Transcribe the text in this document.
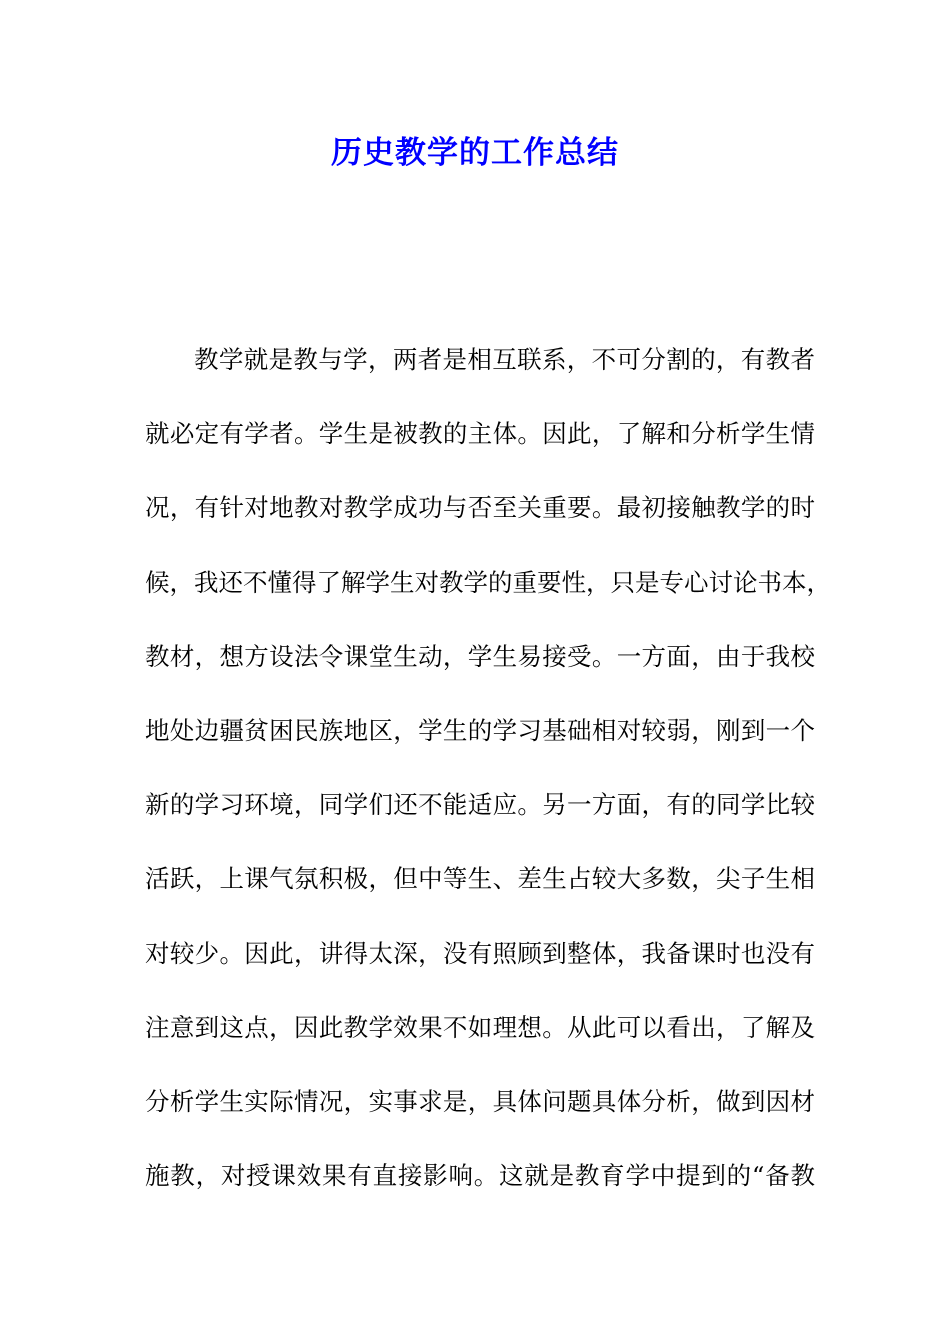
历史教学的工作总结
教学就是教与学，两者是相互联系，不可分割的，有教者
就必定有学者。学生是被教的主体。因此，了解和分析学生情
况，有针对地教对教学成功与否至关重要。最初接触教学的时
候，我还不懂得了解学生对教学的重要性，只是专心讨论书本，
教材，想方设法令课堂生动，学生易接受。一方面，由于我校
地处边疆贫困民族地区，学生的学习基础相对较弱，刚到一个
新的学习环境，同学们还不能适应。另一方面，有的同学比较
活跃，上课气氛积极，但中等生、差生占较大多数，尖子生相
对较少。因此，讲得太深，没有照顾到整体，我备课时也没有
注意到这点，因此教学效果不如理想。从此可以看出，了解及
分析学生实际情况，实事求是，具体问题具体分析，做到因材
施教，对授课效果有直接影响。这就是教育学中提到的“备教
